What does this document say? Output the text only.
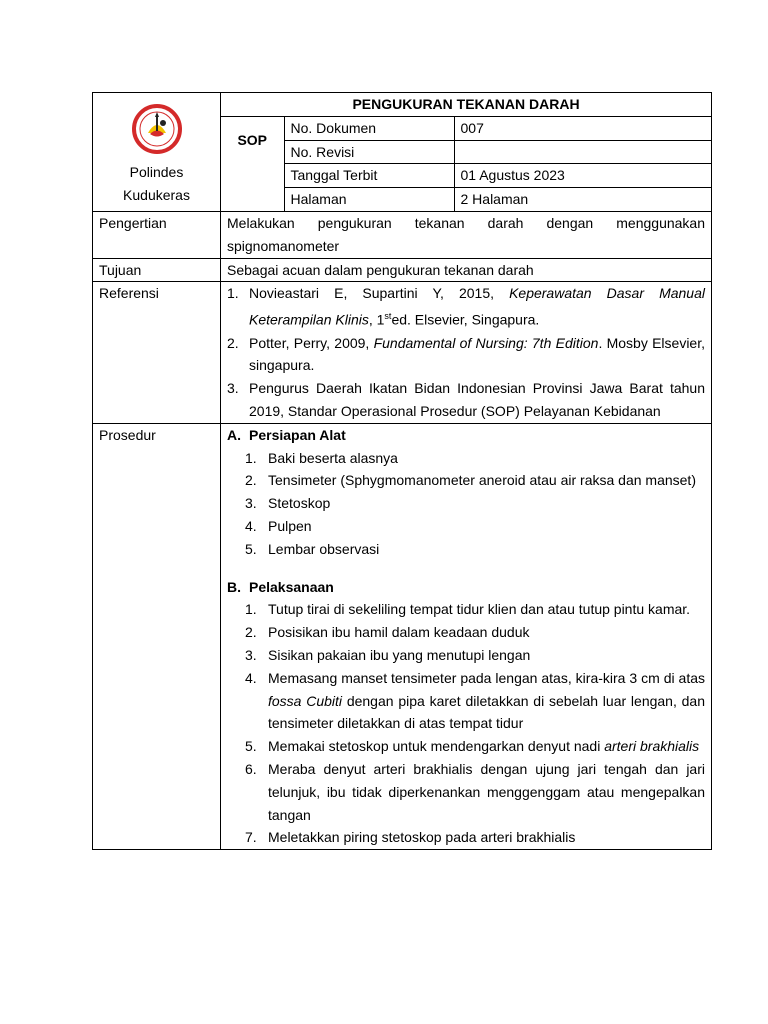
Polindes
Kudukeras

PENGUKURAN TEKANAN DARAH
SOP	No. Dokumen	007
No. Revisi	
Tanggal Terbit	01 Agustus 2023
Halaman	2 Halaman

Pengertian	Melakukan pengukuran tekanan darah dengan menggunakan spignomanometer
Tujuan	Sebagai acuan dalam pengukuran tekanan darah
Referensi	1. Novieastari E, Supartini Y, 2015, Keperawatan Dasar Manual Keterampilan Klinis, 1sted. Elsevier, Singapura.
2. Potter, Perry, 2009, Fundamental of Nursing: 7th Edition. Mosby Elsevier, singapura.
3. Pengurus Daerah Ikatan Bidan Indonesian Provinsi Jawa Barat tahun 2019, Standar Operasional Prosedur (SOP) Pelayanan Kebidanan

Prosedur	A. Persiapan Alat
1. Baki beserta alasnya
2. Tensimeter (Sphygmomanometer aneroid atau air raksa dan manset)
3. Stetoskop
4. Pulpen
5. Lembar observasi
B. Pelaksanaan
1. Tutup tirai di sekeliling tempat tidur klien dan atau tutup pintu kamar.
2. Posisikan ibu hamil dalam keadaan duduk
3. Sisikan pakaian ibu yang menutupi lengan
4. Memasang manset tensimeter pada lengan atas, kira-kira 3 cm di atas fossa Cubiti dengan pipa karet diletakkan di sebelah luar lengan, dan tensimeter diletakkan di atas tempat tidur
5. Memakai stetoskop untuk mendengarkan denyut nadi arteri brakhialis
6. Meraba denyut arteri brakhialis dengan ujung jari tengah dan jari telunjuk, ibu tidak diperkenankan menggenggam atau mengepalkan tangan
7. Meletakkan piring stetoskop pada arteri brakhialis
